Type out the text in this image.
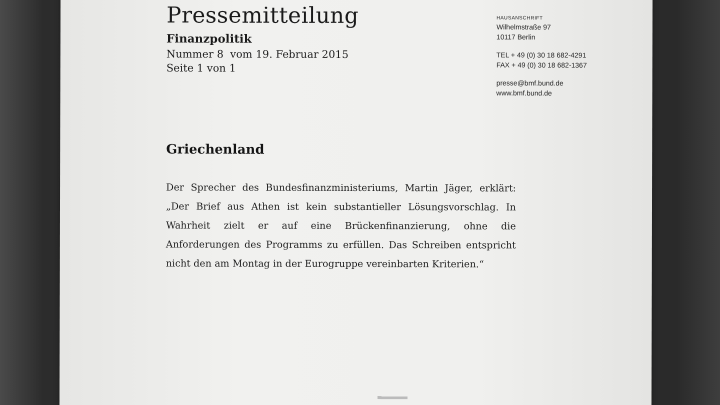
Pressemitteilung
Finanzpolitik
Nummer 8  vom 19. Februar 2015
Seite 1 von 1
HAUSANSCHRIFT
Wilhelmstraße 97
10117 Berlin
TEL + 49 (0) 30 18 682-4291
FAX + 49 (0) 30 18 682-1367
presse@bmf.bund.de
www.bmf.bund.de
Griechenland

Der Sprecher des Bundesfinanzministeriums, Martin Jäger, erklärt: „Der Brief aus Athen ist kein substantieller Lösungsvorschlag. In Wahrheit zielt er auf eine Brückenfinanzierung, ohne die Anforderungen des Programms zu erfüllen. Das Schreiben entspricht nicht den am Montag in der Eurogruppe vereinbarten Kriterien.“
